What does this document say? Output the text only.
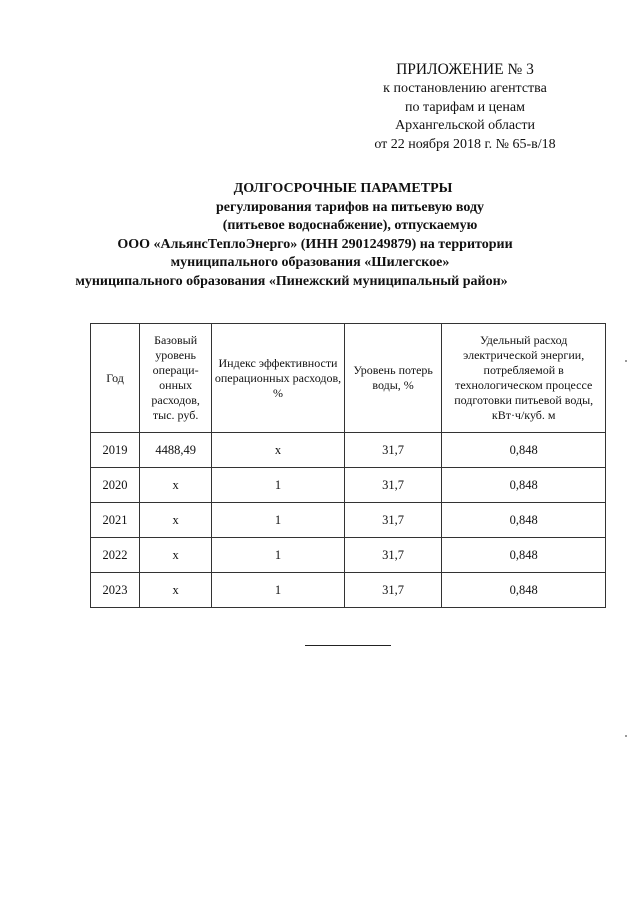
ПРИЛОЖЕНИЕ № 3
к постановлению агентства
по тарифам и ценам
Архангельской области
от 22 ноября 2018 г. № 65-в/18
ДОЛГОСРОЧНЫЕ ПАРАМЕТРЫ
регулирования тарифов на питьевую воду
(питьевое водоснабжение), отпускаемую
ООО «АльянсТеплоЭнерго» (ИНН 2901249879) на территории
муниципального образования «Шилегское»
муниципального образования «Пинежский муниципальный район»
Год	Базовый уровень операци-онных расходов, тыс. руб.	Индекс эффективности операционных расходов, %	Уровень потерь воды, %	Удельный расход электрической энергии, потребляемой в технологическом процессе подготовки питьевой воды, кВт·ч/куб. м
2019	4488,49	х	31,7	0,848
2020	х	1	31,7	0,848
2021	х	1	31,7	0,848
2022	х	1	31,7	0,848
2023	х	1	31,7	0,848
